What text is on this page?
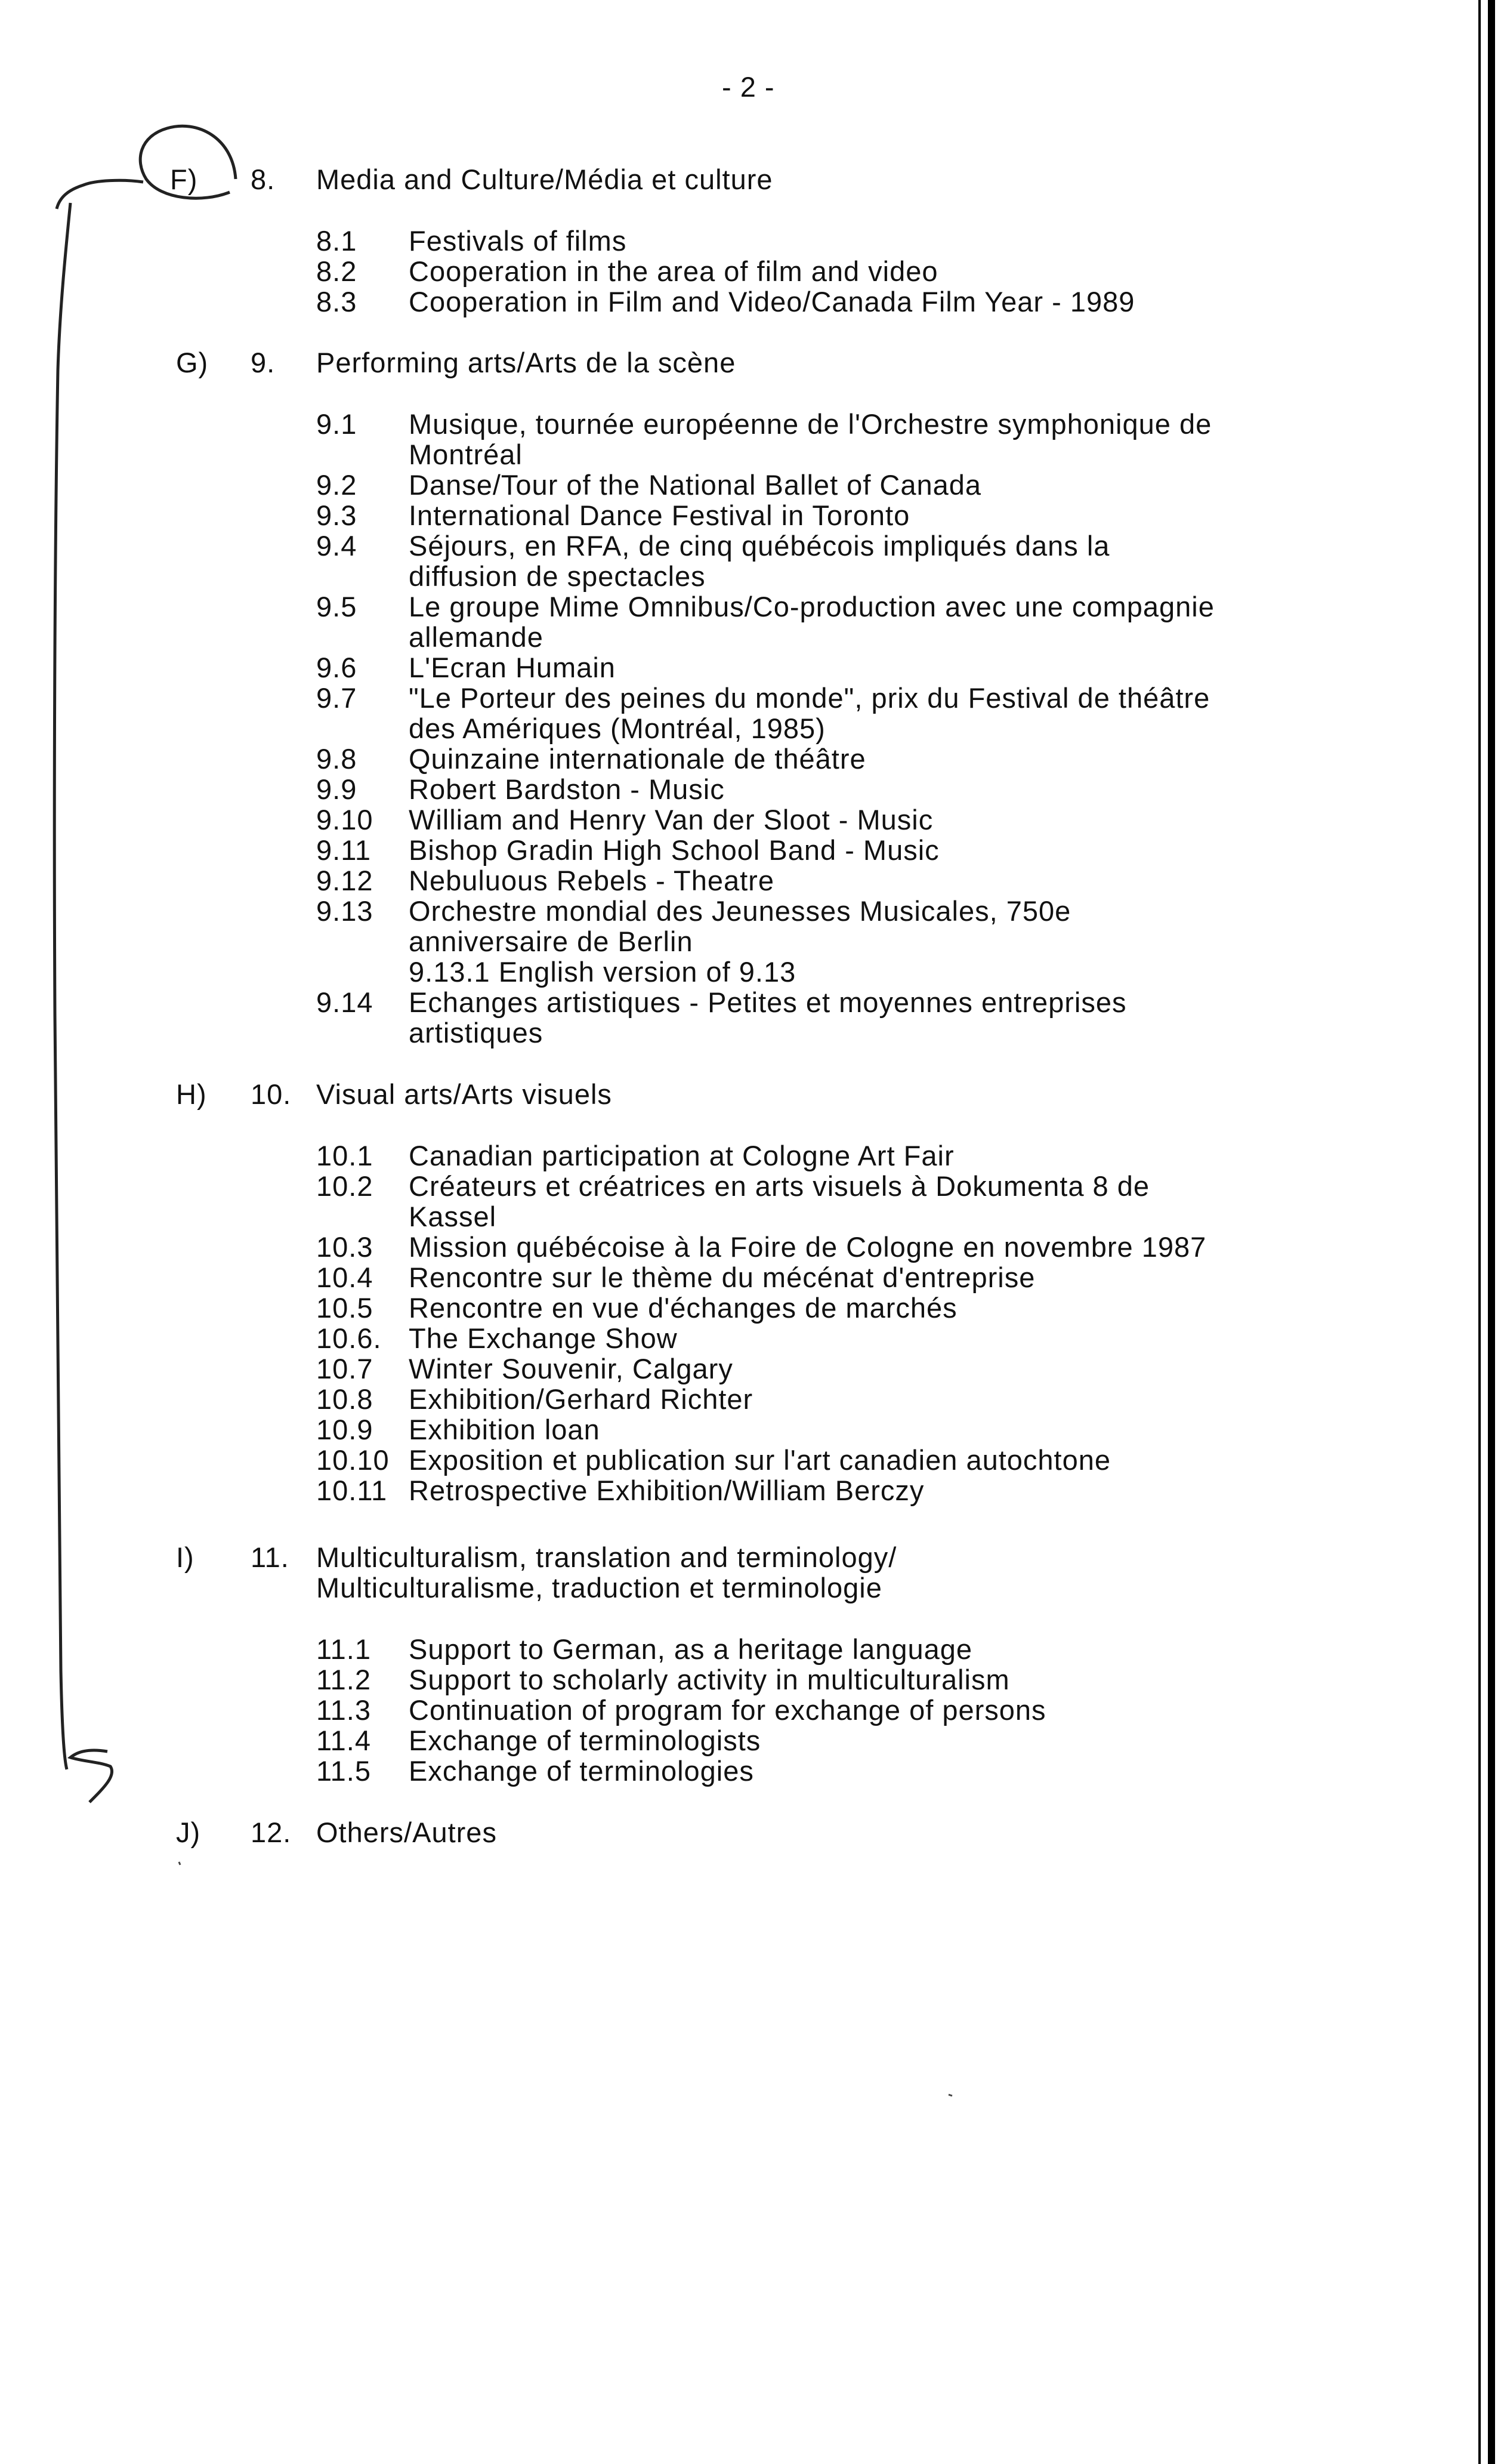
- 2 -
F) 8. Media and Culture/Média et culture
8.1 Festivals of films
8.2 Cooperation in the area of film and video
8.3 Cooperation in Film and Video/Canada Film Year - 1989
G) 9. Performing arts/Arts de la scène
9.1 Musique, tournée européenne de l'Orchestre symphonique de
Montréal
9.2 Danse/Tour of the National Ballet of Canada
9.3 International Dance Festival in Toronto
9.4 Séjours, en RFA, de cinq québécois impliqués dans la
diffusion de spectacles
9.5 Le groupe Mime Omnibus/Co-production avec une compagnie
allemande
9.6 L'Ecran Humain
9.7 "Le Porteur des peines du monde", prix du Festival de théâtre
des Amériques (Montréal, 1985)
9.8 Quinzaine internationale de théâtre
9.9 Robert Bardston - Music
9.10 William and Henry Van der Sloot - Music
9.11 Bishop Gradin High School Band - Music
9.12 Nebuluous Rebels - Theatre
9.13 Orchestre mondial des Jeunesses Musicales, 750e
anniversaire de Berlin
9.13.1 English version of 9.13
9.14 Echanges artistiques - Petites et moyennes entreprises
artistiques
H) 10. Visual arts/Arts visuels
10.1 Canadian participation at Cologne Art Fair
10.2 Créateurs et créatrices en arts visuels à Dokumenta 8 de
Kassel
10.3 Mission québécoise à la Foire de Cologne en novembre 1987
10.4 Rencontre sur le thème du mécénat d'entreprise
10.5 Rencontre en vue d'échanges de marchés
10.6. The Exchange Show
10.7 Winter Souvenir, Calgary
10.8 Exhibition/Gerhard Richter
10.9 Exhibition loan
10.10 Exposition et publication sur l'art canadien autochtone
10.11 Retrospective Exhibition/William Berczy
I) 11. Multiculturalism, translation and terminology/
Multiculturalisme, traduction et terminologie
11.1 Support to German, as a heritage language
11.2 Support to scholarly activity in multiculturalism
11.3 Continuation of program for exchange of persons
11.4 Exchange of terminologists
11.5 Exchange of terminologies
J) 12. Others/Autres
